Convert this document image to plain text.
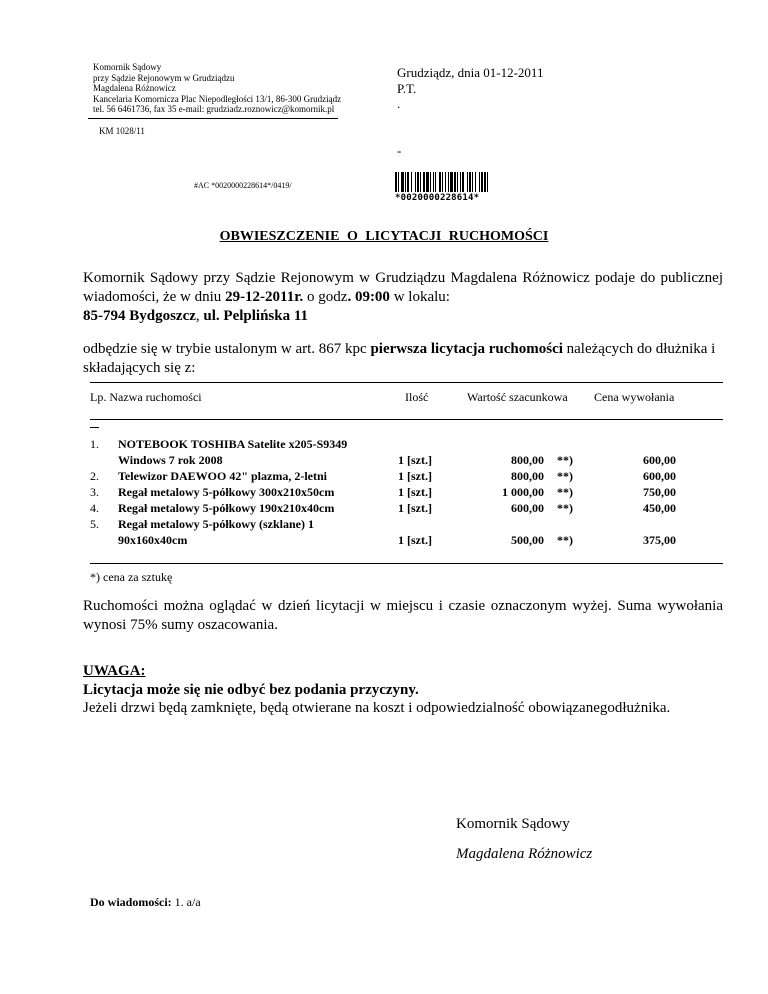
Komornik Sądowy
przy Sądzie Rejonowym w Grudziądzu
Magdalena Różnowicz
Kancelaria Komornicza Plac Niepodległości 13/1, 86-300 Grudziądz
tel. 56 6461736, fax 35 e-mail: grudziadz.roznowicz@komornik.pl
KM 1028/11
Grudziądz, dnia 01-12-2011
P.T.
.
-
#AC *0020000228614*/0419/
*0020000228614*
OBWIESZCZENIE O LICYTACJI RUCHOMOŚCI
Komornik Sądowy przy Sądzie Rejonowym w Grudziądzu Magdalena Różnowicz podaje do publicznej wiadomości, że w dniu 29-12-2011r. o godz. 09:00 w lokalu:
85-794 Bydgoszcz, ul. Pelplińska 11
odbędzie się w trybie ustalonym w art. 867 kpc pierwsza licytacja ruchomości należących do dłużnika i składających się z:
Lp. Nazwa ruchomości	Ilość	Wartość szacunkowa Cena wywołania
1.
2.
3.
4.
5.
NOTEBOOK TOSHIBA Satelite x205-S9349
Windows 7 rok 2008
Telewizor DAEWOO 42" plazma, 2-letni
Regał metalowy 5-półkowy 300x210x50cm
Regał metalowy 5-półkowy 190x210x40cm
Regał metalowy 5-półkowy (szklane) 1
90x160x40cm
1 [szt.]
1 [szt.]
1 [szt.]
1 [szt.]
1 [szt.]
800,00
800,00
1 000,00
600,00
500,00
**)
**)
**)
**)
**)
600,00
600,00
750,00
450,00
375,00
*) cena za sztukę
Ruchomości można oglądać w dzień licytacji w miejscu i czasie oznaczonym wyżej. Suma wywołania wynosi 75% sumy oszacowania.
UWAGA:
Licytacja może się nie odbyć bez podania przyczyny.
Jeżeli drzwi będą zamknięte, będą otwierane na koszt i odpowiedzialność obowiązanegodłużnika.
Komornik Sądowy
Magdalena Różnowicz
Do wiadomości: 1. a/a
